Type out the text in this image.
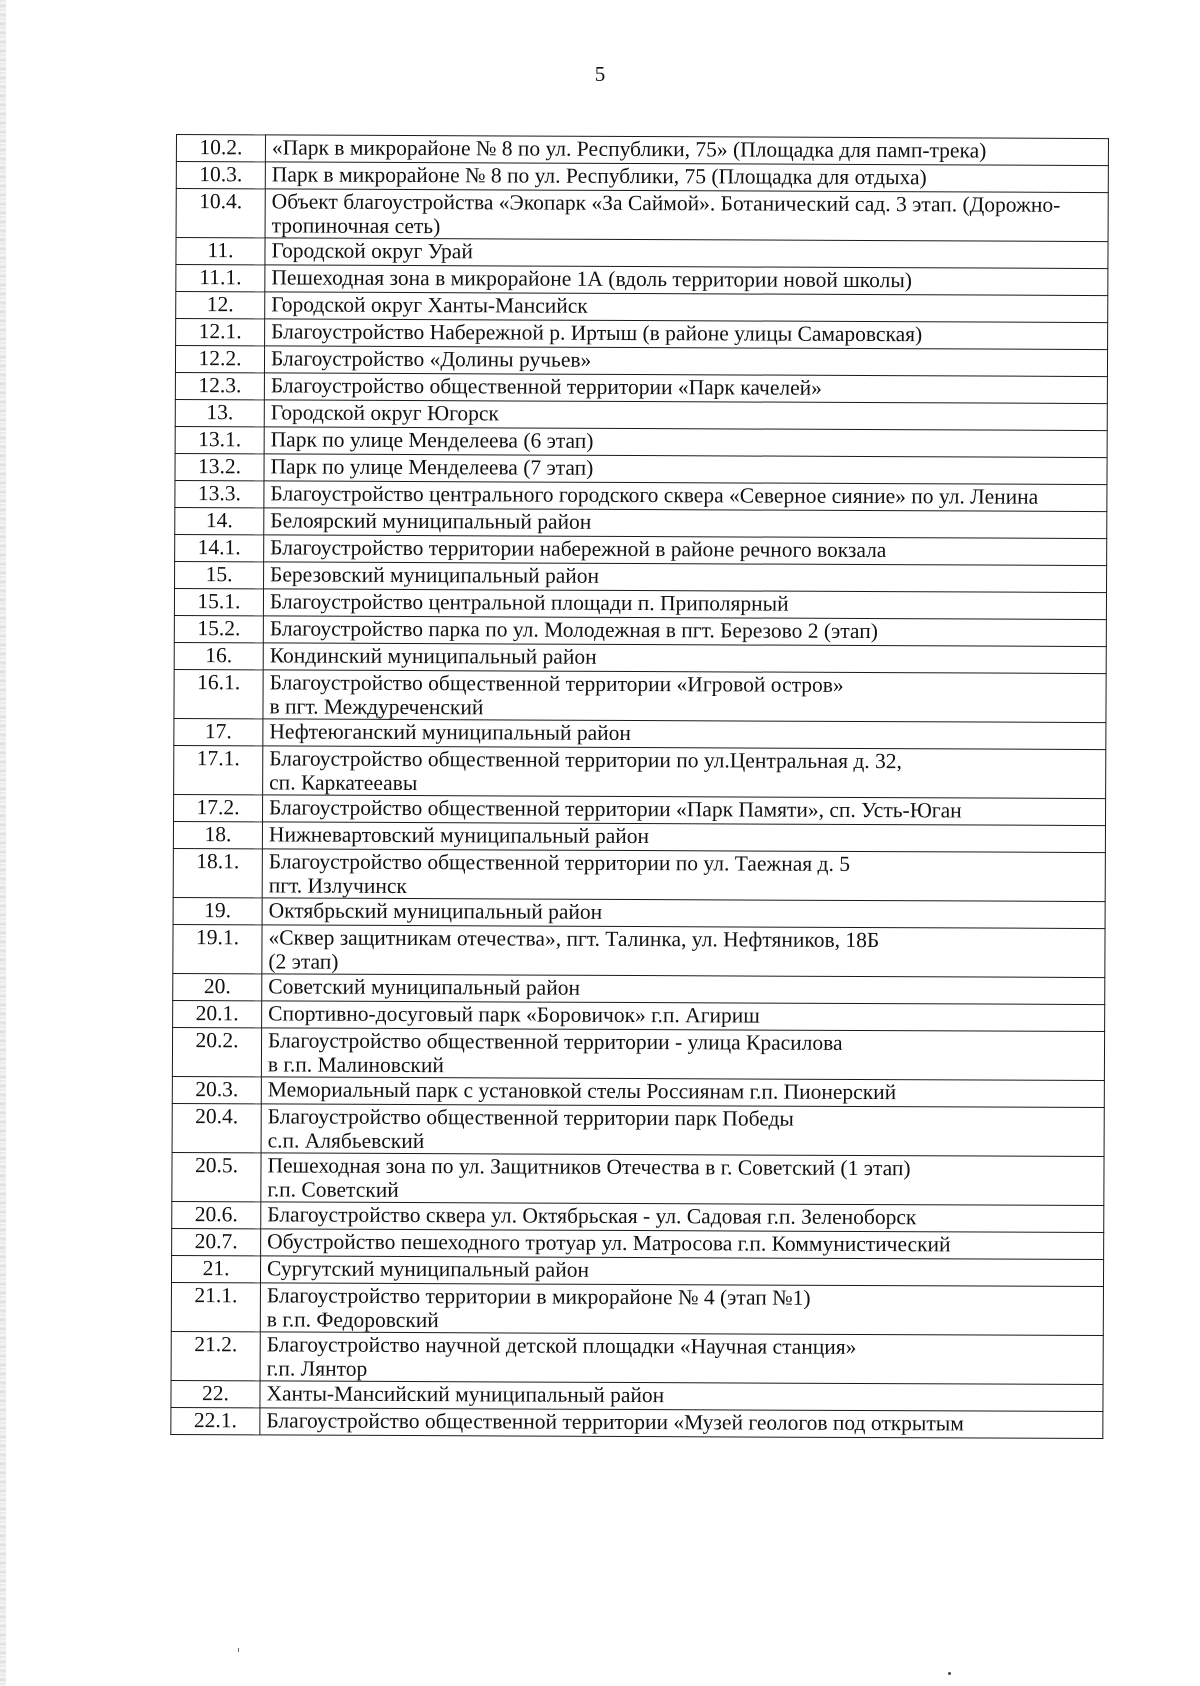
5
10.2.	«Парк в микрорайоне № 8 по ул. Республики, 75» (Площадка для памп-трека)

10.3.	Парк в микрорайоне № 8 по ул. Республики, 75 (Площадка для отдыха)

10.4.	Объект благоустройства «Экопарк «За Саймой». Ботанический сад. 3 этап. (Дорожно-тропиночная сеть)

11.	Городской округ Урай

11.1.	Пешеходная зона в микрорайоне 1А (вдоль территории новой школы)

12.	Городской округ Ханты-Мансийск

12.1.	Благоустройство Набережной р. Иртыш (в районе улицы Самаровская)

12.2.	Благоустройство «Долины ручьев»

12.3.	Благоустройство общественной территории «Парк качелей»

13.	Городской округ Югорск

13.1.	Парк по улице Менделеева (6 этап)

13.2.	Парк по улице Менделеева (7 этап)

13.3.	Благоустройство центрального городского сквера «Северное сияние» по ул. Ленина

14.	Белоярский муниципальный район

14.1.	Благоустройство территории набережной в районе речного вокзала

15.	Березовский муниципальный район

15.1.	Благоустройство центральной площади п. Приполярный

15.2.	Благоустройство парка по ул. Молодежная в пгт. Березово 2 (этап)

16.	Кондинский муниципальный район

16.1.	Благоустройство общественной территории «Игровой остров»
в пгт. Междуреченский

17.	Нефтеюганский муниципальный район

17.1.	Благоустройство общественной территории по ул.Центральная д. 32,
сп. Каркатееавы

17.2.	Благоустройство общественной территории «Парк Памяти», сп. Усть-Юган

18.	Нижневартовский муниципальный район

18.1.	Благоустройство общественной территории по ул. Таежная д. 5
пгт. Излучинск

19.	Октябрьский муниципальный район

19.1.	«Сквер защитникам отечества», пгт. Талинка, ул. Нефтяников, 18Б
(2 этап)

20.	Советский муниципальный район

20.1.	Спортивно-досуговый парк «Боровичок» г.п. Агириш

20.2.	Благоустройство общественной территории - улица Красилова
в г.п. Малиновский

20.3.	Мемориальный парк с установкой стелы Россиянам г.п. Пионерский

20.4.	Благоустройство общественной территории парк Победы
с.п. Алябьевский

20.5.	Пешеходная зона по ул. Защитников Отечества в г. Советский (1 этап)
г.п. Советский

20.6.	Благоустройство сквера ул. Октябрьская - ул. Садовая г.п. Зеленоборск

20.7.	Обустройство пешеходного тротуар ул. Матросова г.п. Коммунистический

21.	Сургутский муниципальный район

21.1.	Благоустройство территории в микрорайоне № 4 (этап №1)
в г.п. Федоровский

21.2.	Благоустройство научной детской площадки «Научная станция»
г.п. Лянтор

22.	Ханты-Мансийский муниципальный район

22.1.	Благоустройство общественной территории «Музей геологов под открытым
